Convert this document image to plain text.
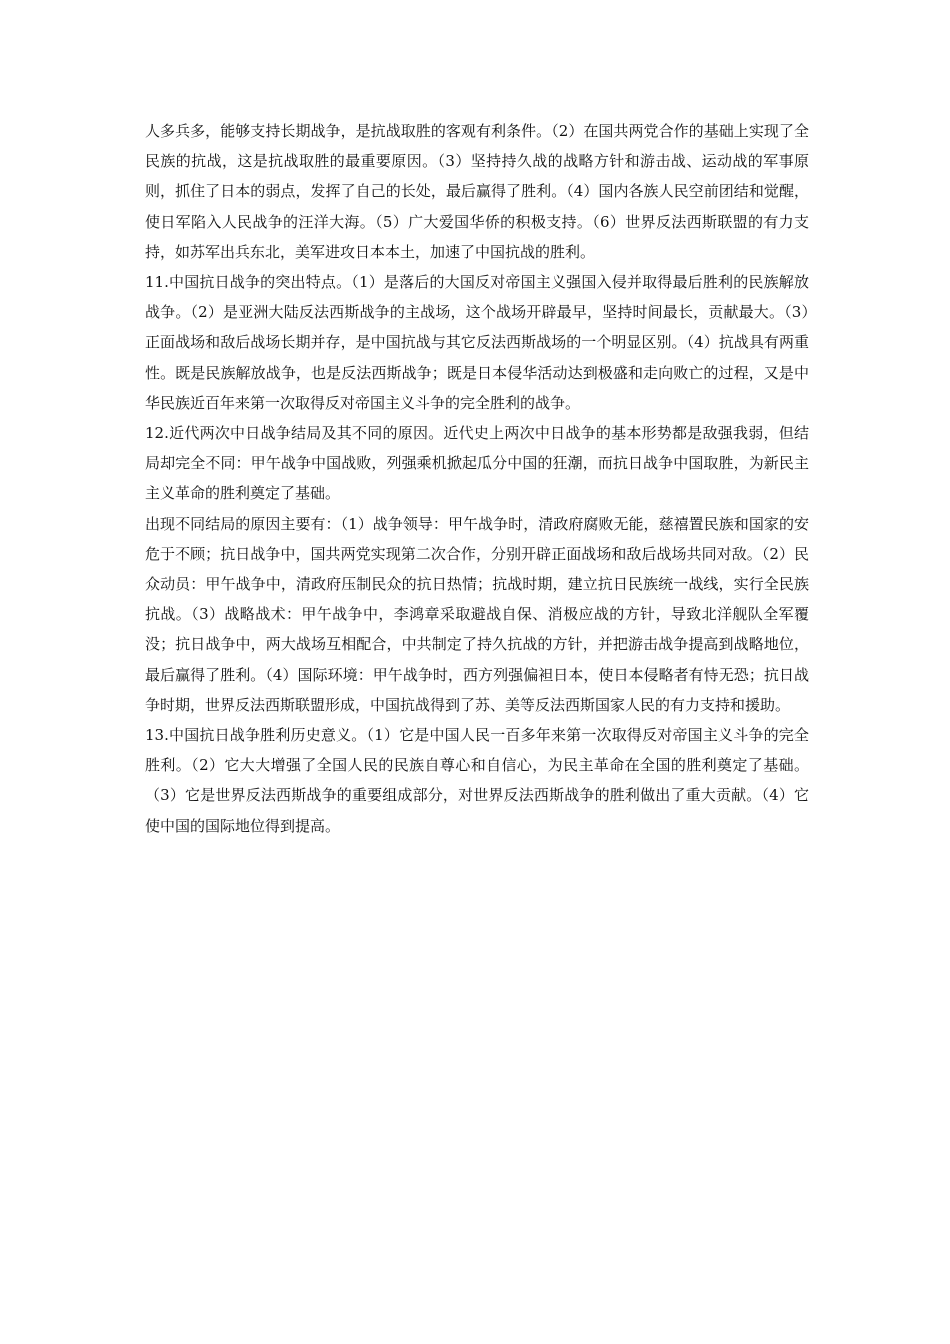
人多兵多，能够支持长期战争，是抗战取胜的客观有利条件。（2）在国共两党合作的基础上实现了全民族的抗战，这是抗战取胜的最重要原因。（3）坚持持久战的战略方针和游击战、运动战的军事原则，抓住了日本的弱点，发挥了自己的长处，最后赢得了胜利。（4）国内各族人民空前团结和觉醒，使日军陷入人民战争的汪洋大海。（5）广大爱国华侨的积极支持。（6）世界反法西斯联盟的有力支持，如苏军出兵东北，美军进攻日本本土，加速了中国抗战的胜利。

11.中国抗日战争的突出特点。（1）是落后的大国反对帝国主义强国入侵并取得最后胜利的民族解放战争。（2）是亚洲大陆反法西斯战争的主战场，这个战场开辟最早，坚持时间最长，贡献最大。（3）正面战场和敌后战场长期并存，是中国抗战与其它反法西斯战场的一个明显区别。（4）抗战具有两重性。既是民族解放战争，也是反法西斯战争；既是日本侵华活动达到极盛和走向败亡的过程，又是中华民族近百年来第一次取得反对帝国主义斗争的完全胜利的战争。

12.近代两次中日战争结局及其不同的原因。近代史上两次中日战争的基本形势都是敌强我弱，但结局却完全不同：甲午战争中国战败，列强乘机掀起瓜分中国的狂潮，而抗日战争中国取胜，为新民主主义革命的胜利奠定了基础。

出现不同结局的原因主要有：（1）战争领导：甲午战争时，清政府腐败无能，慈禧置民族和国家的安危于不顾；抗日战争中，国共两党实现第二次合作，分别开辟正面战场和敌后战场共同对敌。（2）民众动员：甲午战争中，清政府压制民众的抗日热情；抗战时期，建立抗日民族统一战线，实行全民族抗战。（3）战略战术：甲午战争中，李鸿章采取避战自保、消极应战的方针，导致北洋舰队全军覆没；抗日战争中，两大战场互相配合，中共制定了持久抗战的方针，并把游击战争提高到战略地位，最后赢得了胜利。（4）国际环境：甲午战争时，西方列强偏袒日本，使日本侵略者有恃无恐；抗日战争时期，世界反法西斯联盟形成，中国抗战得到了苏、美等反法西斯国家人民的有力支持和援助。

13.中国抗日战争胜利历史意义。（1）它是中国人民一百多年来第一次取得反对帝国主义斗争的完全胜利。（2）它大大增强了全国人民的民族自尊心和自信心，为民主革命在全国的胜利奠定了基础。（3）它是世界反法西斯战争的重要组成部分，对世界反法西斯战争的胜利做出了重大贡献。（4）它使中国的国际地位得到提高。
